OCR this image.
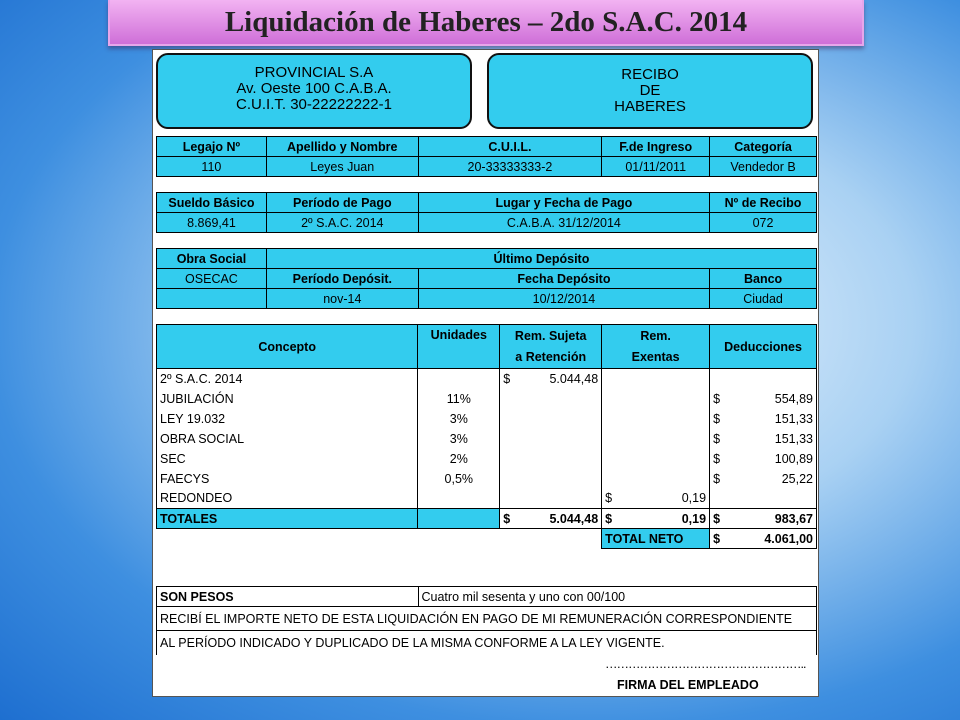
Liquidación de Haberes – 2do S.A.C. 2014
PROVINCIAL S.A
Av. Oeste 100 C.A.B.A.
C.U.I.T. 30-22222222-1
RECIBO
DE
HABERES
Legajo Nº	Apellido y Nombre	C.U.I.L.	F.de Ingreso	Categoría
110	Leyes Juan	20-33333333-2	01/11/2011	Vendedor B
Sueldo Básico	Período de Pago	Lugar y Fecha de Pago	Nº de Recibo
8.869,41	2º S.A.C. 2014	C.A.B.A. 31/12/2014	072
Obra Social	Último Depósito		
OSECAC	Período Depósit.	Fecha Depósito	Banco
	nov-14	10/12/2014	Ciudad
Concepto	Unidades	Rem. Sujeta	Rem.	Deducciones
		a Retención	Exentas	
2º S.A.C. 2014		$ 5.044,48		

JUBILACIÓN	11%			$ 554,89

LEY 19.032	3%			$ 151,33

OBRA SOCIAL	3%			$ 151,33

SEC	2%			$ 100,89

FAECYS	0,5%			$ 25,22

REDONDEO			$ 0,19	

TOTALES		$ 5.044,48	$ 0,19	$ 983,67

			TOTAL NETO	$ 4.061,00
SON PESOS	Cuatro mil sesenta y uno con 00/100
RECIBÍ EL IMPORTE NETO DE ESTA LIQUIDACIÓN EN PAGO DE MI REMUNERACIÓN CORRESPONDIENTE
AL PERÍODO INDICADO Y DUPLICADO DE LA MISMA CONFORME A LA LEY VIGENTE.
……………………………………………..
FIRMA DEL EMPLEADO
